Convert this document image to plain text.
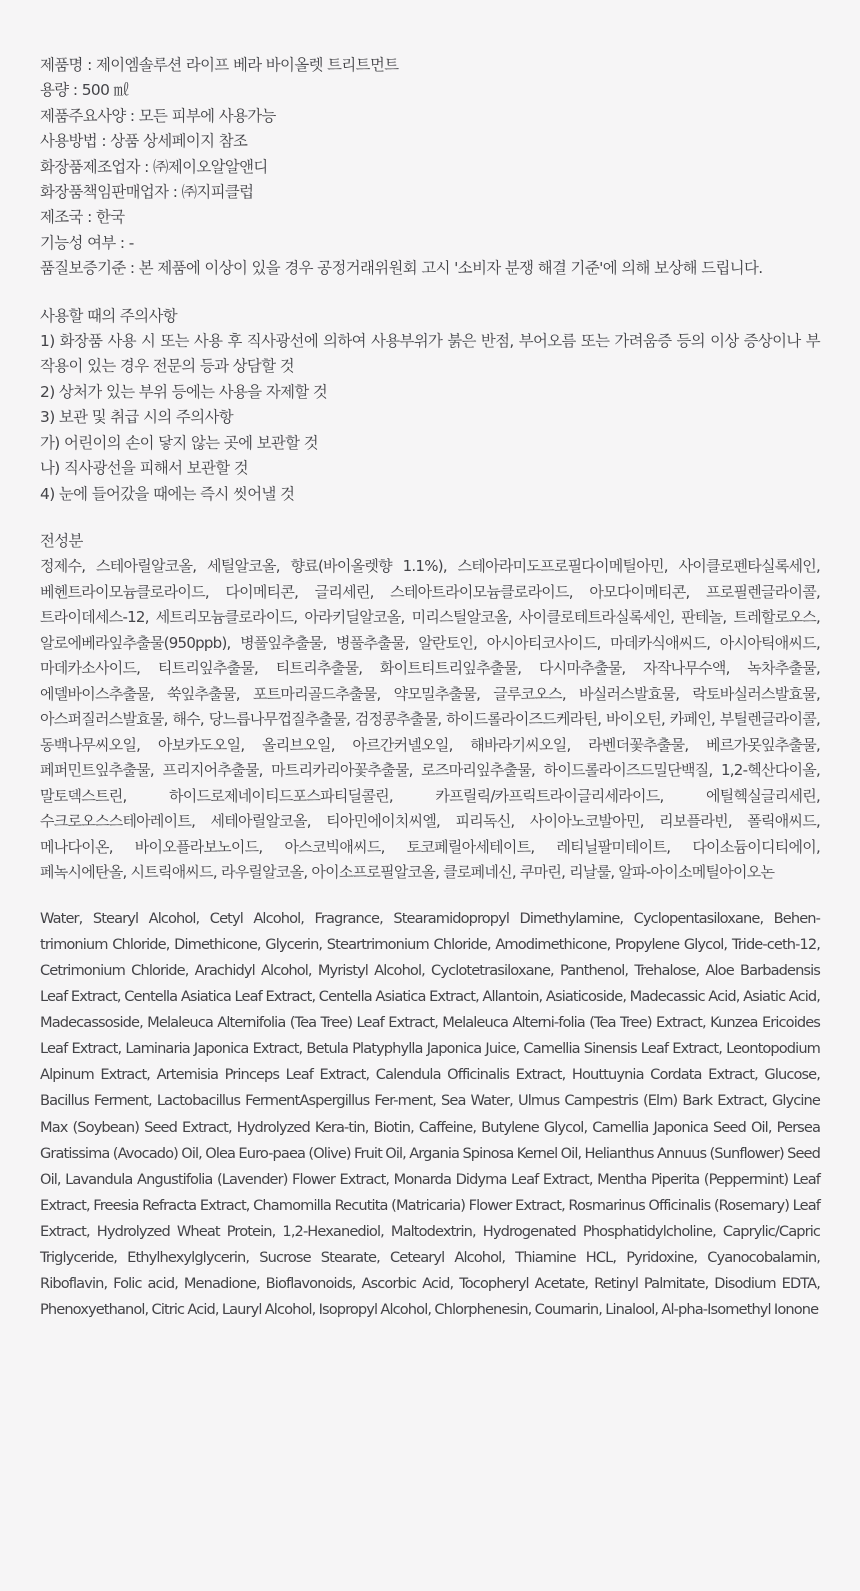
제품명 : 제이엠솔루션 라이프 베라 바이올렛 트리트먼트
용량 : 500 ㎖
제품주요사양 : 모든 피부에 사용가능
사용방법 : 상품 상세페이지 참조
화장품제조업자 : ㈜제이오알알앤디
화장품책임판매업자 : ㈜지피클럽
제조국 : 한국
기능성 여부 : -
품질보증기준 : 본 제품에 이상이 있을 경우 공정거래위원회 고시 '소비자 분쟁 해결 기준'에 의해 보상해 드립니다.
사용할 때의 주의사항
1) 화장품 사용 시 또는 사용 후 직사광선에 의하여 사용부위가 붉은 반점, 부어오름 또는 가려움증 등의 이상 증상이나 부작용이 있는 경우 전문의 등과 상담할 것
2) 상처가 있는 부위 등에는 사용을 자제할 것
3) 보관 및 취급 시의 주의사항
가) 어린이의 손이 닿지 않는 곳에 보관할 것
나) 직사광선을 피해서 보관할 것
4) 눈에 들어갔을 때에는 즉시 씻어낼 것
전성분
정제수, 스테아릴알코올, 세틸알코올, 향료(바이올렛향 1.1%), 스테아라미도프로필다이메틸아민, 사이클로펜타실록세인, 베헨트라이모늄클로라이드, 다이메티콘, 글리세린, 스테아트라이모늄클로라이드, 아모다이메티콘, 프로필렌글라이콜, 트라이데세스-12, 세트리모늄클로라이드, 아라키딜알코올, 미리스틸알코올, 사이클로테트라실록세인, 판테놀, 트레할로오스, 알로에베라잎추출물(950ppb), 병풀잎추출물, 병풀추출물, 알란토인, 아시아티코사이드, 마데카식애씨드, 아시아틱애씨드, 마데카소사이드, 티트리잎추출물, 티트리추출물, 화이트티트리잎추출물, 다시마추출물, 자작나무수액, 녹차추출물, 에델바이스추출물, 쑥잎추출물, 포트마리골드추출물, 약모밀추출물, 글루코오스, 바실러스발효물, 락토바실러스발효물, 아스퍼질러스발효물, 해수, 당느릅나무껍질추출물, 검정콩추출물, 하이드롤라이즈드케라틴, 바이오틴, 카페인, 부틸렌글라이콜, 동백나무씨오일, 아보카도오일, 올리브오일, 아르간커넬오일, 해바라기씨오일, 라벤더꽃추출물, 베르가못잎추출물, 페퍼민트잎추출물, 프리지어추출물, 마트리카리아꽃추출물, 로즈마리잎추출물, 하이드롤라이즈드밀단백질, 1,2-헥산다이올, 말토덱스트린, 하이드로제네이티드포스파티딜콜린, 카프릴릭/카프릭트라이글리세라이드, 에틸헥실글리세린, 수크로오스스테아레이트, 세테아릴알코올, 티아민에이치씨엘, 피리독신, 사이아노코발아민, 리보플라빈, 폴릭애씨드, 메나다이온, 바이오플라보노이드, 아스코빅애씨드, 토코페릴아세테이트, 레티닐팔미테이트, 다이소듐이디티에이, 페녹시에탄올, 시트릭애씨드, 라우릴알코올, 아이소프로필알코올, 클로페네신, 쿠마린, 리날룰, 알파-아이소메틸아이오논
Water, Stearyl Alcohol, Cetyl Alcohol, Fragrance, Stearamidopropyl Dimethylamine, Cyclopentasiloxane, Behen-trimonium Chloride, Dimethicone, Glycerin, Steartrimonium Chloride, Amodimethicone, Propylene Glycol, Tride-ceth-12, Cetrimonium Chloride, Arachidyl Alcohol, Myristyl Alcohol, Cyclotetrasiloxane, Panthenol, Trehalose, Aloe Barbadensis Leaf Extract, Centella Asiatica Leaf Extract, Centella Asiatica Extract, Allantoin, Asiaticoside, Madecassic Acid, Asiatic Acid, Madecassoside, Melaleuca Alternifolia (Tea Tree) Leaf Extract, Melaleuca Alterni-folia (Tea Tree) Extract, Kunzea Ericoides Leaf Extract, Laminaria Japonica Extract, Betula Platyphylla Japonica Juice, Camellia Sinensis Leaf Extract, Leontopodium Alpinum Extract, Artemisia Princeps Leaf Extract, Calendula Officinalis Extract, Houttuynia Cordata Extract, Glucose, Bacillus Ferment, Lactobacillus FermentAspergillus Fer-ment, Sea Water, Ulmus Campestris (Elm) Bark Extract, Glycine Max (Soybean) Seed Extract, Hydrolyzed Kera-tin, Biotin, Caffeine, Butylene Glycol, Camellia Japonica Seed Oil, Persea Gratissima (Avocado) Oil, Olea Euro-paea (Olive) Fruit Oil, Argania Spinosa Kernel Oil, Helianthus Annuus (Sunflower) Seed Oil, Lavandula Angustifolia (Lavender) Flower Extract, Monarda Didyma Leaf Extract, Mentha Piperita (Peppermint) Leaf Extract, Freesia Refracta Extract, Chamomilla Recutita (Matricaria) Flower Extract, Rosmarinus Officinalis (Rosemary) Leaf Extract, Hydrolyzed Wheat Protein, 1,2-Hexanediol, Maltodextrin, Hydrogenated Phosphatidylcholine, Caprylic/Capric Triglyceride, Ethylhexylglycerin, Sucrose Stearate, Cetearyl Alcohol, Thiamine HCL, Pyridoxine, Cyanocobalamin, Riboflavin, Folic acid, Menadione, Bioflavonoids, Ascorbic Acid, Tocopheryl Acetate, Retinyl Palmitate, Disodium EDTA, Phenoxyethanol, Citric Acid, Lauryl Alcohol, Isopropyl Alcohol, Chlorphenesin, Coumarin, Linalool, Al-pha-Isomethyl Ionone
